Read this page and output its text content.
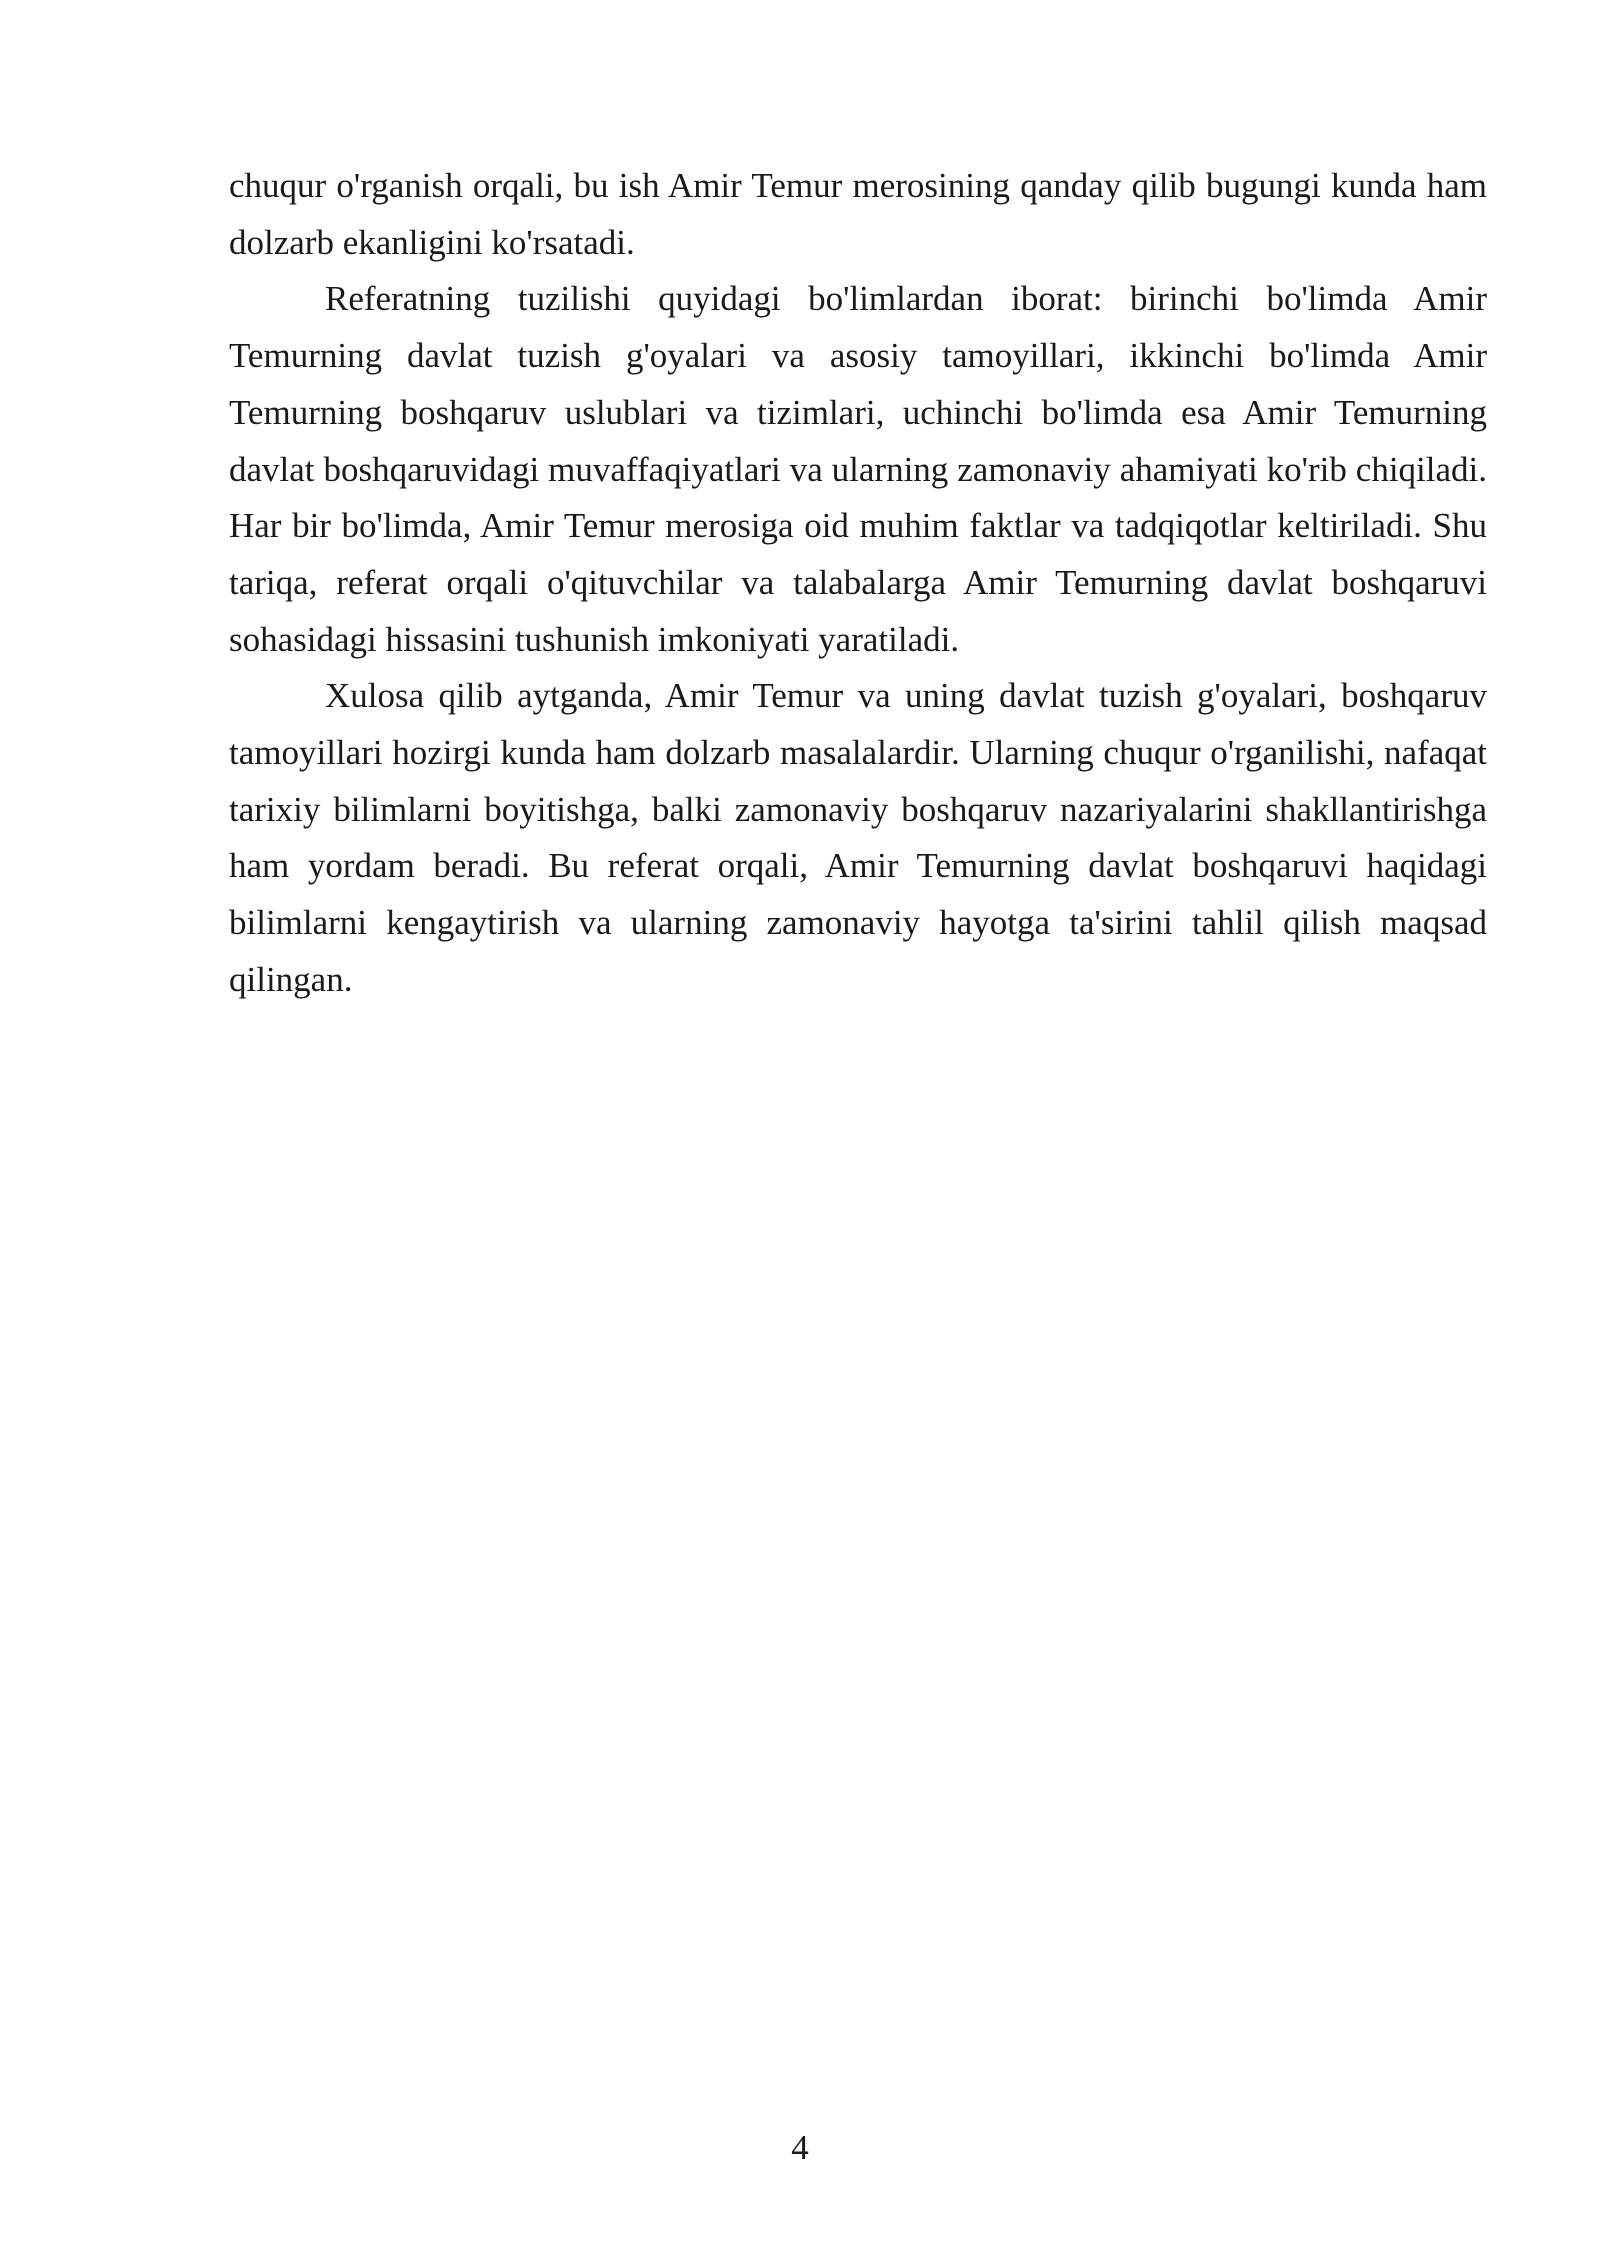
chuqur o'rganish orqali, bu ish Amir Temur merosining qanday qilib bugungi kunda ham dolzarb ekanligini ko'rsatadi.

Referatning tuzilishi quyidagi bo'limlardan iborat: birinchi bo'limda Amir Temurning davlat tuzish g'oyalari va asosiy tamoyillari, ikkinchi bo'limda Amir Temurning boshqaruv uslublari va tizimlari, uchinchi bo'limda esa Amir Temurning davlat boshqaruvidagi muvaffaqiyatlari va ularning zamonaviy ahamiyati ko'rib chiqiladi. Har bir bo'limda, Amir Temur merosiga oid muhim faktlar va tadqiqotlar keltiriladi. Shu tariqa, referat orqali o'qituvchilar va talabalarga Amir Temurning davlat boshqaruvi sohasidagi hissasini tushunish imkoniyati yaratiladi.

Xulosa qilib aytganda, Amir Temur va uning davlat tuzish g'oyalari, boshqaruv tamoyillari hozirgi kunda ham dolzarb masalalardir. Ularning chuqur o'rganilishi, nafaqat tarixiy bilimlarni boyitishga, balki zamonaviy boshqaruv nazariyalarini shakllantirishga ham yordam beradi. Bu referat orqali, Amir Temurning davlat boshqaruvi haqidagi bilimlarni kengaytirish va ularning zamonaviy hayotga ta'sirini tahlil qilish maqsad qilingan.

4
